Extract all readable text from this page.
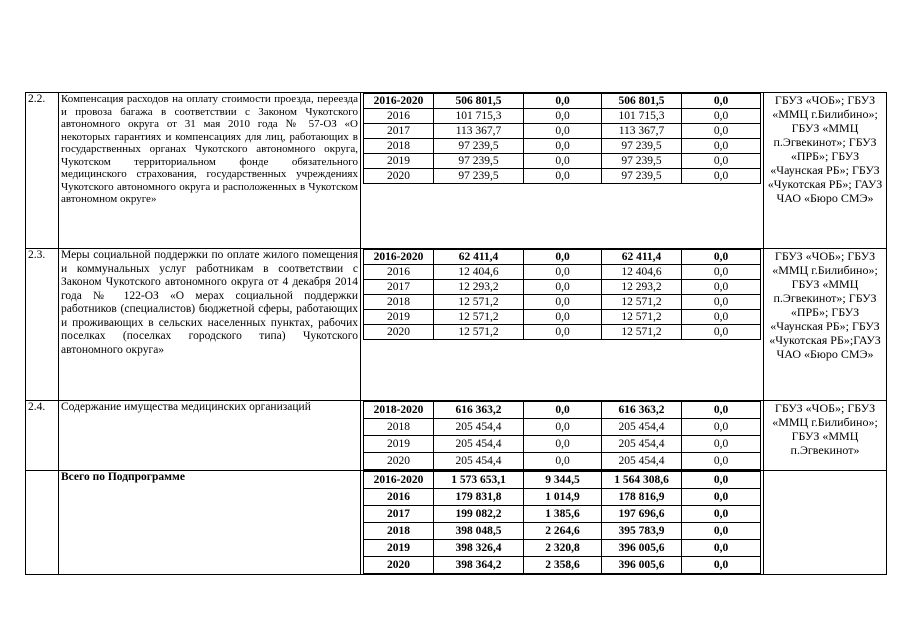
2.2.	Компенсация расходов на оплату стоимости проезда, переезда и провоза багажа в соответствии с Законом Чукотского автономного округа от 31 мая 2010 года № 57-ОЗ «О некоторых гарантиях и компенсациях для лиц, работающих в государственных органах Чукотского автономного округа, Чукотском территориальном фонде обязательного медицинского страхования, государственных учреждениях Чукотского автономного округа и расположенных в Чукотском автономном округе»	
2016-2020	506 801,5	0,0	506 801,5	0,0
2016	101 715,3	0,0	101 715,3	0,0
2017	113 367,7	0,0	113 367,7	0,0
2018	97 239,5	0,0	97 239,5	0,0
2019	97 239,5	0,0	97 239,5	0,0
2020	97 239,5	0,0	97 239,5	0,0
	ГБУЗ «ЧОБ»; ГБУЗ «ММЦ г.Билибино»; ГБУЗ «ММЦ п.Эгвекинот»; ГБУЗ «ПРБ»; ГБУЗ «Чаунская РБ»; ГБУЗ «Чукотская РБ»; ГАУЗ ЧАО «Бюро СМЭ»
2.3.	Меры социальной поддержки по оплате жилого помещения и коммунальных услуг работникам в соответствии с Законом Чукотского автономного округа от 4 декабря 2014 года № 122-ОЗ «О мерах социальной поддержки работников (специалистов) бюджетной сферы, работающих и проживающих в сельских населенных пунктах, рабочих поселках (поселках городского типа) Чукотского автономного округа»	
2016-2020	62 411,4	0,0	62 411,4	0,0
2016	12 404,6	0,0	12 404,6	0,0
2017	12 293,2	0,0	12 293,2	0,0
2018	12 571,2	0,0	12 571,2	0,0
2019	12 571,2	0,0	12 571,2	0,0
2020	12 571,2	0,0	12 571,2	0,0
	ГБУЗ «ЧОБ»; ГБУЗ «ММЦ г.Билибино»; ГБУЗ «ММЦ п.Эгвекинот»; ГБУЗ «ПРБ»; ГБУЗ «Чаунская РБ»; ГБУЗ «Чукотская РБ»;ГАУЗ ЧАО «Бюро СМЭ»
2.4.	Содержание имущества медицинских организаций		2018-2020	616 363,2	0,0	616 363,2	0,0
2018	205 454,4	0,0	205 454,4	0,0
2019	205 454,4	0,0	205 454,4	0,0
2020	205 454,4	0,0	205 454,4	0,0
	ГБУЗ «ЧОБ»; ГБУЗ «ММЦ г.Билибино»; ГБУЗ «ММЦ п.Эгвекинот»
	Всего по Подпрограмме		2016-2020	1 573 653,1	9 344,5	1 564 308,6	0,0
2016	179 831,8	1 014,9	178 816,9	0,0
2017	199 082,2	1 385,6	197 696,6	0,0
2018	398 048,5	2 264,6	395 783,9	0,0
2019	398 326,4	2 320,8	396 005,6	0,0
2020	398 364,2	2 358,6	396 005,6	0,0
